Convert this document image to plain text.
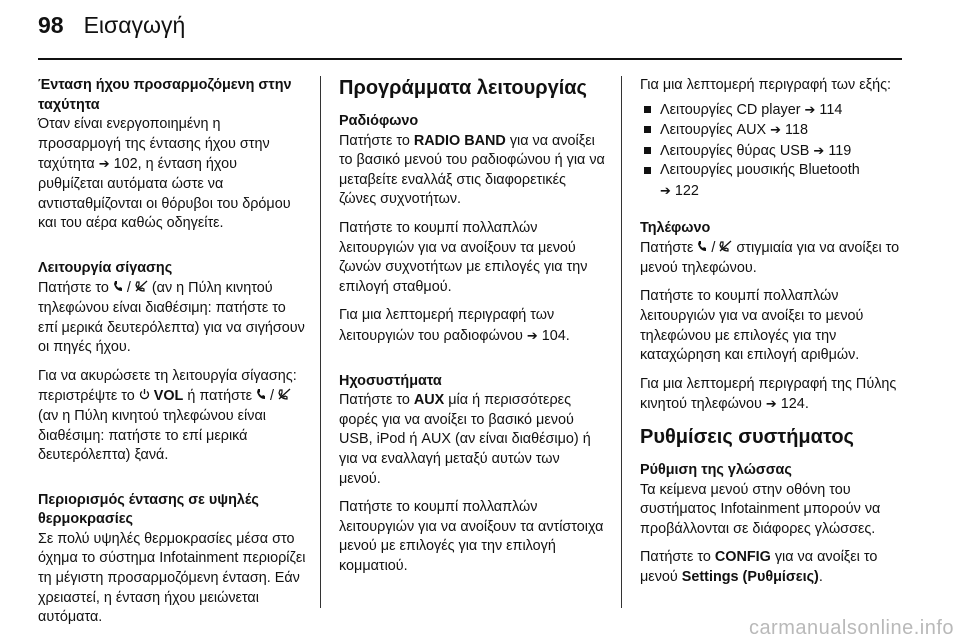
98 Εισαγωγή

Ένταση ήχου προσαρμοζόμενη στην ταχύτητα

Όταν είναι ενεργοποιημένη η προσαρμογή της έντασης ήχου στην ταχύτητα ➔ 102, η ένταση ήχου ρυθμίζεται αυτόματα ώστε να αντισταθμίζονται οι θόρυβοι του δρόμου και του αέρα καθώς οδηγείτε.

Λειτουργία σίγασης

Πατήστε το  /  (αν η Πύλη κινητού τηλεφώνου είναι διαθέσιμη: πατήστε το επί μερικά δευτερόλεπτα) για να σιγήσουν οι πηγές ήχου.

Για να ακυρώσετε τη λειτουργία σίγασης: περιστρέψτε το VOL ή πατήστε  /  (αν η Πύλη κινητού τηλεφώνου είναι διαθέσιμη: πατήστε το επί μερικά δευτερόλεπτα) ξανά.

Περιορισμός έντασης σε υψηλές θερμοκρασίες

Σε πολύ υψηλές θερμοκρασίες μέσα στο όχημα το σύστημα Infotainment περιορίζει τη μέγιστη προσαρμοζόμενη ένταση. Εάν χρειαστεί, η ένταση ήχου μειώνεται αυτόματα.

Προγράμματα λειτουργίας

Ραδιόφωνο

Πατήστε το RADIO BAND για να ανοίξει το βασικό μενού του ραδιοφώνου ή για να μεταβείτε εναλλάξ στις διαφορετικές ζώνες συχνοτήτων.

Πατήστε το κουμπί πολλαπλών λειτουργιών για να ανοίξουν τα μενού ζωνών συχνοτήτων με επιλογές για την επιλογή σταθμού.

Για μια λεπτομερή περιγραφή των λειτουργιών του ραδιοφώνου ➔ 104.

Ηχοσυστήματα

Πατήστε το AUX μία ή περισσότερες φορές για να ανοίξει το βασικό μενού USB, iPod ή AUX (αν είναι διαθέσιμο) ή για να εναλλαγή μεταξύ αυτών των μενού.

Πατήστε το κουμπί πολλαπλών λειτουργιών για να ανοίξουν τα αντίστοιχα μενού με επιλογές για την επιλογή κομματιού.

Για μια λεπτομερή περιγραφή των εξής:

Λειτουργίες CD player ➔ 114
Λειτουργίες AUX ➔ 118
Λειτουργίες θύρας USB ➔ 119
Λειτουργίες μουσικής Bluetooth
➔ 122

Τηλέφωνο

Πατήστε  /  στιγμιαία για να ανοίξει το μενού τηλεφώνου.

Πατήστε το κουμπί πολλαπλών λειτουργιών για να ανοίξει το μενού τηλεφώνου με επιλογές για την καταχώρηση και επιλογή αριθμών.

Για μια λεπτομερή περιγραφή της Πύλης κινητού τηλεφώνου ➔ 124.

Ρυθμίσεις συστήματος

Ρύθμιση της γλώσσας

Τα κείμενα μενού στην οθόνη του συστήματος Infotainment μπορούν να προβάλλονται σε διάφορες γλώσσες.

Πατήστε το CONFIG για να ανοίξει το μενού Settings (Ρυθμίσεις).

carmanualsonline.info
